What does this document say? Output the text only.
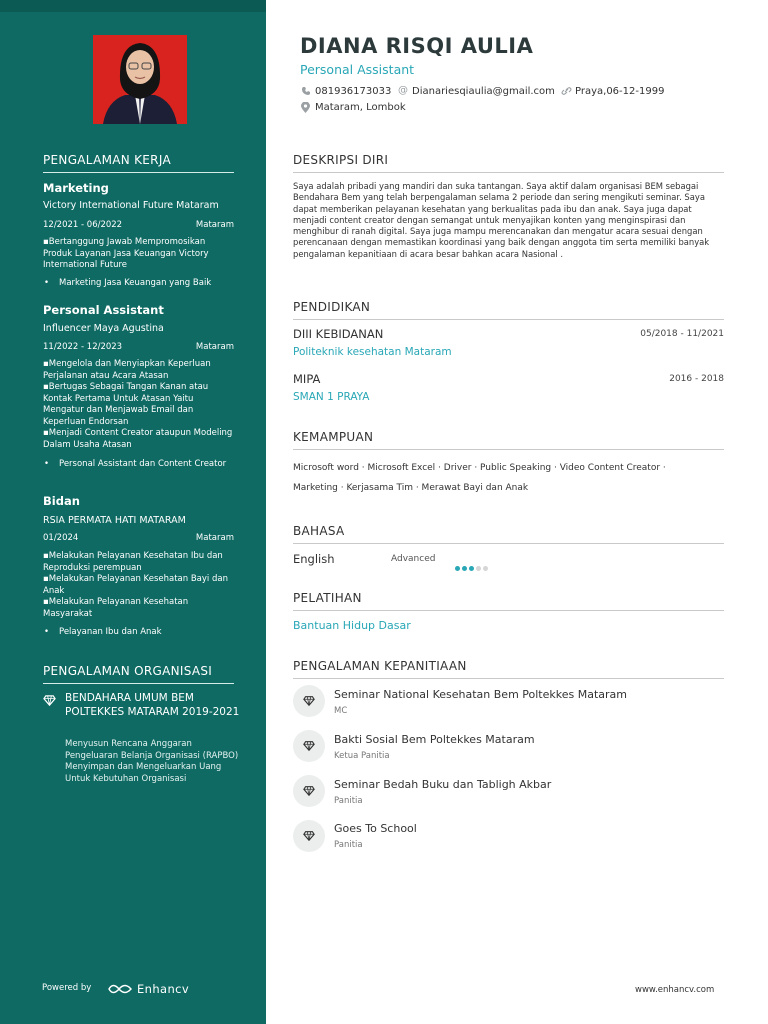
PENGALAMAN KERJA
Marketing
Victory International Future Mataram
12/2021 - 06/2022	Mataram
▪Bertanggung Jawab Mempromosikan Produk Layanan Jasa Keuangan Victory International Future
• Marketing Jasa Keuangan yang Baik
Personal Assistant
Influencer Maya Agustina
11/2022 - 12/2023	Mataram
▪Mengelola dan Menyiapkan Keperluan Perjalanan atau Acara Atasan
▪Bertugas Sebagai Tangan Kanan atau Kontak Pertama Untuk Atasan Yaitu Mengatur dan Menjawab Email dan Keperluan Endorsan
▪Menjadi Content Creator ataupun Modeling Dalam Usaha Atasan
• Personal Assistant dan Content Creator
Bidan
RSIA PERMATA HATI MATARAM
01/2024	Mataram
▪Melakukan Pelayanan Kesehatan Ibu dan Reproduksi perempuan
▪Melakukan Pelayanan Kesehatan Bayi dan Anak
▪Melakukan Pelayanan Kesehatan Masyarakat
• Pelayanan Ibu dan Anak
PENGALAMAN ORGANISASI
BENDAHARA UMUM BEM POLTEKKES MATARAM 2019-2021
Menyusun Rencana Anggaran Pengeluaran Belanja Organisasi (RAPBO)
Menyimpan dan Mengeluarkan Uang Untuk Kebutuhan Organisasi
Powered by	Enhancv
DIANA RISQI AULIA
Personal Assistant
081936173033 @ Dianariesqiaulia@gmail.com Praya,06-12-1999
Mataram, Lombok
DESKRIPSI DIRI
Saya adalah pribadi yang mandiri dan suka tantangan. Saya aktif dalam organisasi BEM sebagai Bendahara Bem yang telah berpengalaman selama 2 periode dan sering mengikuti seminar. Saya dapat memberikan pelayanan kesehatan yang berkualitas pada ibu dan anak. Saya juga dapat menjadi content creator dengan semangat untuk menyajikan konten yang menginspirasi dan menghibur di ranah digital. Saya juga mampu merencanakan dan mengatur acara sesuai dengan perencanaan dengan memastikan koordinasi yang baik dengan anggota tim serta memiliki banyak pengalaman kepanitiaan di acara besar bahkan acara Nasional .
PENDIDIKAN
DIII KEBIDANAN	05/2018 - 11/2021
Politeknik kesehatan Mataram
MIPA	2016 - 2018
SMAN 1 PRAYA
KEMAMPUAN
Microsoft word · Microsoft Excel · Driver · Public Speaking · Video Content Creator ·
Marketing · Kerjasama Tim · Merawat Bayi dan Anak
BAHASA
English	Advanced
PELATIHAN
Bantuan Hidup Dasar
PENGALAMAN KEPANITIAAN
Seminar National Kesehatan Bem Poltekkes Mataram
MC
Bakti Sosial Bem Poltekkes Mataram
Ketua Panitia
Seminar Bedah Buku dan Tabligh Akbar
Panitia
Goes To School
Panitia
www.enhancv.com
